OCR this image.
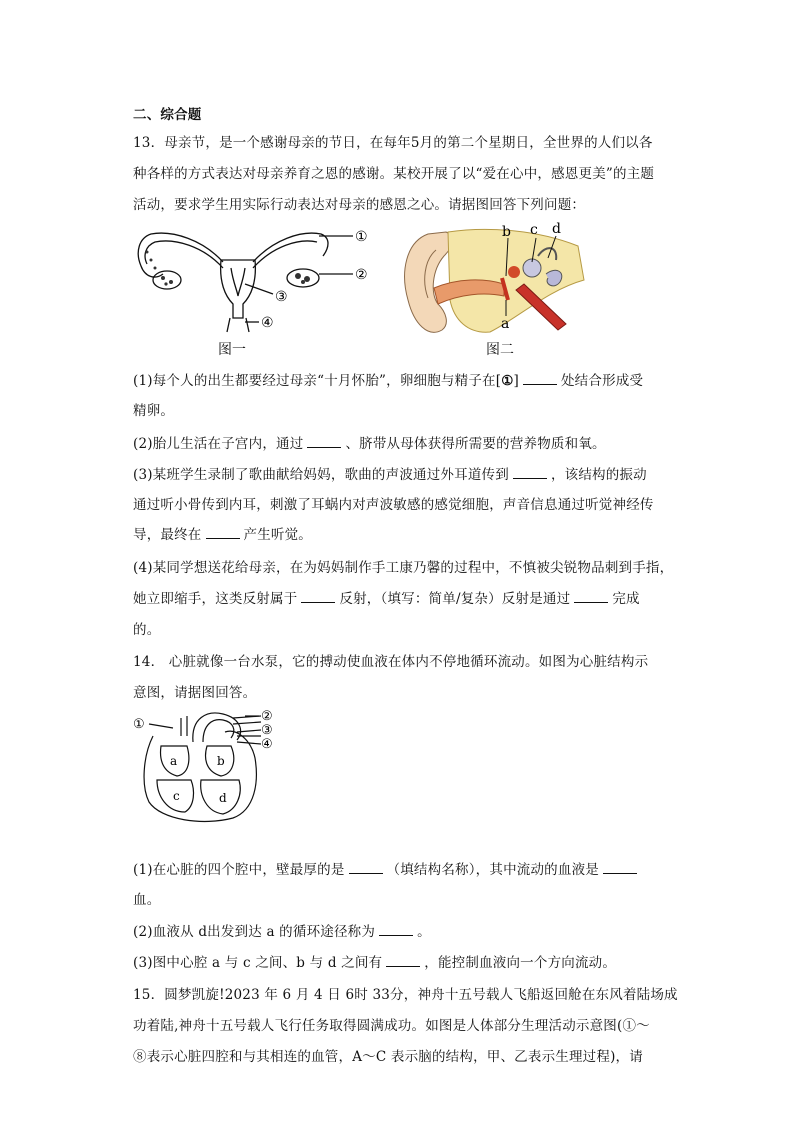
二、综合题
13．母亲节，是一个感谢母亲的节日，在每年5月的第二个星期日，全世界的人们以各
种各样的方式表达对母亲养育之恩的感谢。某校开展了以“爱在心中，感恩更美”的主题
活动，要求学生用实际行动表达对母亲的感恩之心。请据图回答下列问题：
①
②
③
④
图一
b c d
a
图二
(1)每个人的出生都要经过母亲“十月怀胎”，卵细胞与精子在[①]	处结合形成受
精卵。
(2)胎儿生活在子宫内，通过	、脐带从母体获得所需要的营养物质和氧。
(3)某班学生录制了歌曲献给妈妈，歌曲的声波通过外耳道传到	，该结构的振动
通过听小骨传到内耳，刺激了耳蜗内对声波敏感的感觉细胞，声音信息通过听觉神经传
导，最终在	产生听觉。
(4)某同学想送花给母亲，在为妈妈制作手工康乃馨的过程中，不慎被尖锐物品刺到手指，
她立即缩手，这类反射属于	反射，（填写：简单/复杂）反射是通过	完成
的。
14． 心脏就像一台水泵，它的搏动使血液在体内不停地循环流动。如图为心脏结构示
意图，请据图回答。
①
②
③
④
a	b
c	d
(1)在心脏的四个腔中，壁最厚的是	（填结构名称），其中流动的血液是
血。
(2)血液从 d出发到达 a 的循环途径称为	。
(3)图中心腔 a 与 c 之间、b 与 d 之间有	，能控制血液向一个方向流动。
15．圆梦凯旋!2023 年 6 月 4 日 6时 33分，神舟十五号载人飞船返回舱在东风着陆场成
功着陆,神舟十五号载人飞行任务取得圆满成功。如图是人体部分生理活动示意图(①～
⑧表示心脏四腔和与其相连的血管，A～C 表示脑的结构，甲、乙表示生理过程)，请
